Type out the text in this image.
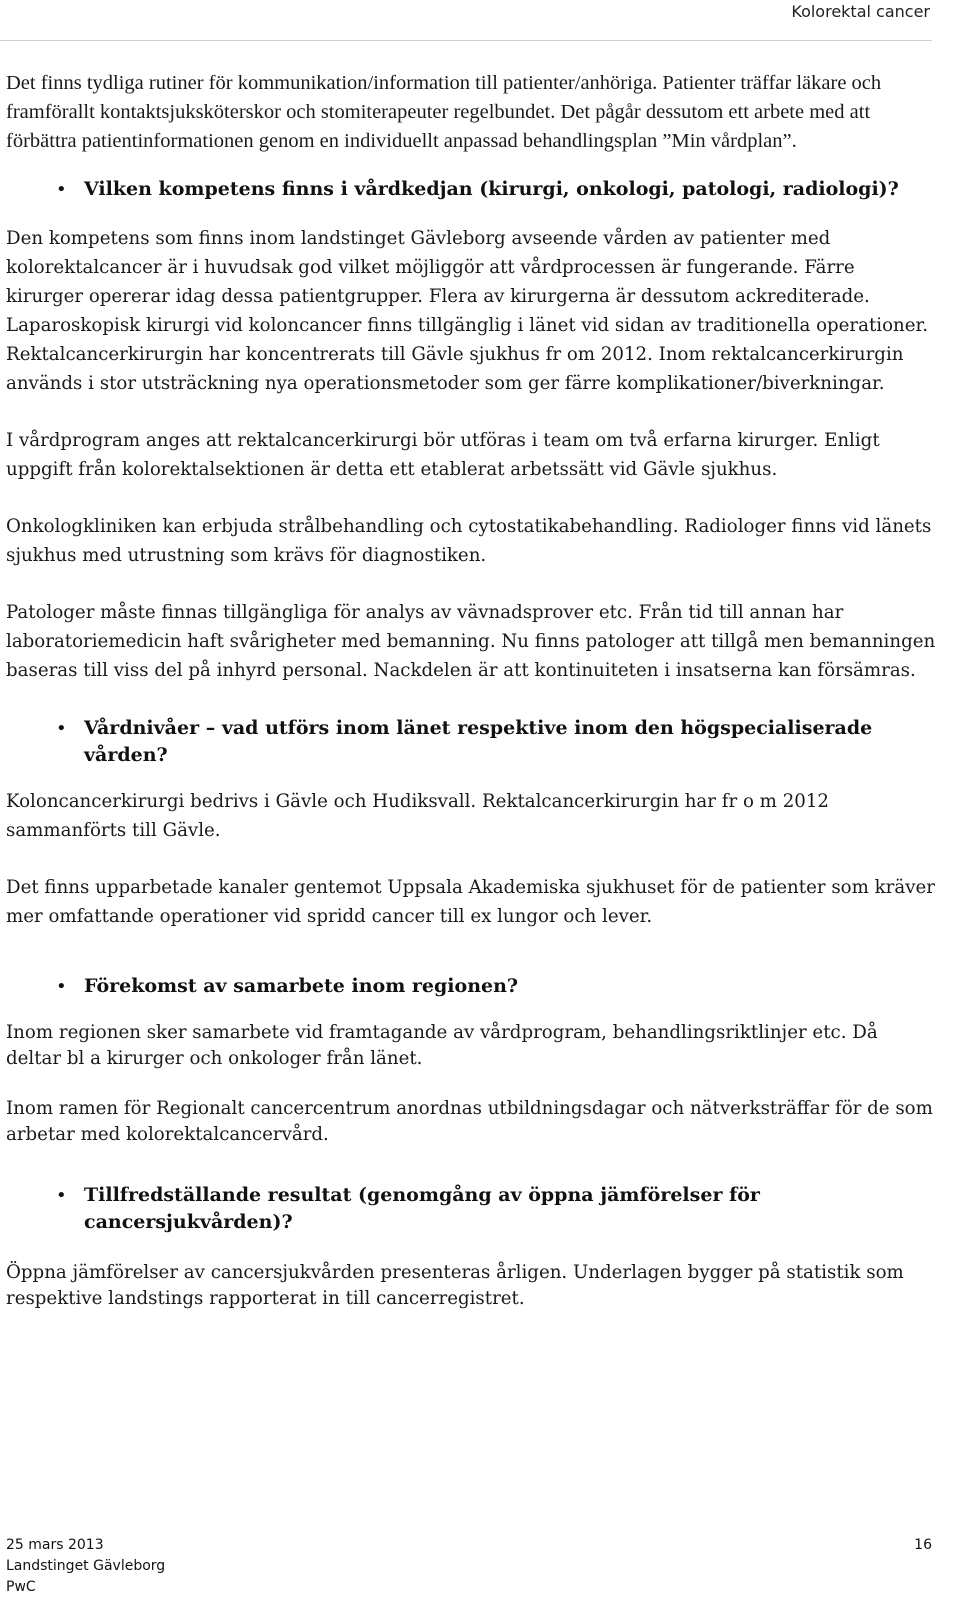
Kolorektal cancer

Det finns tydliga rutiner för kommunikation/information till patienter/anhöriga. Patienter träffar läkare och framförallt kontaktsjuksköterskor och stomiterapeuter regelbundet. Det pågår dessutom ett arbete med att förbättra patientinformationen genom en individuellt anpassad behandlingsplan ”Min vårdplan”.

• Vilken kompetens finns i vårdkedjan (kirurgi, onkologi, patologi, radiologi)?

Den kompetens som finns inom landstinget Gävleborg avseende vården av patienter med kolorektalcancer är i huvudsak god vilket möjliggör att vårdprocessen är fungerande. Färre kirurger opererar idag dessa patientgrupper. Flera av kirurgerna är dessutom ackrediterade. Laparoskopisk kirurgi vid koloncancer finns tillgänglig i länet vid sidan av traditionella operationer. Rektalcancerkirurgin har koncentrerats till Gävle sjukhus fr om 2012. Inom rektalcancerkirurgin används i stor utsträckning nya operationsmetoder som ger färre komplikationer/biverkningar.

I vårdprogram anges att rektalcancerkirurgi bör utföras i team om två erfarna kirurger. Enligt uppgift från kolorektalsektionen är detta ett etablerat arbetssätt vid Gävle sjukhus.

Onkologkliniken kan erbjuda strålbehandling och cytostatikabehandling. Radiologer finns vid länets sjukhus med utrustning som krävs för diagnostiken.

Patologer måste finnas tillgängliga för analys av vävnadsprover etc. Från tid till annan har laboratoriemedicin haft svårigheter med bemanning. Nu finns patologer att tillgå men bemanningen baseras till viss del på inhyrd personal. Nackdelen är att kontinuiteten i insatserna kan försämras.

• Vårdnivåer – vad utförs inom länet respektive inom den högspecialiserade vården?

Koloncancerkirurgi bedrivs i Gävle och Hudiksvall. Rektalcancerkirurgin har fr o m 2012 sammanförts till Gävle.

Det finns upparbetade kanaler gentemot Uppsala Akademiska sjukhuset för de patienter som kräver mer omfattande operationer vid spridd cancer till ex lungor och lever.

• Förekomst av samarbete inom regionen?

Inom regionen sker samarbete vid framtagande av vårdprogram, behandlingsriktlinjer etc. Då deltar bl a kirurger och onkologer från länet.

Inom ramen för Regionalt cancercentrum anordnas utbildningsdagar och nätverksträffar för de som arbetar med kolorektalcancervård.

• Tillfredställande resultat (genomgång av öppna jämförelser för cancersjukvården)?

Öppna jämförelser av cancersjukvården presenteras årligen. Underlagen bygger på statistik som respektive landstings rapporterat in till cancerregistret.

25 mars 2013
Landstinget Gävleborg
PwC
16
